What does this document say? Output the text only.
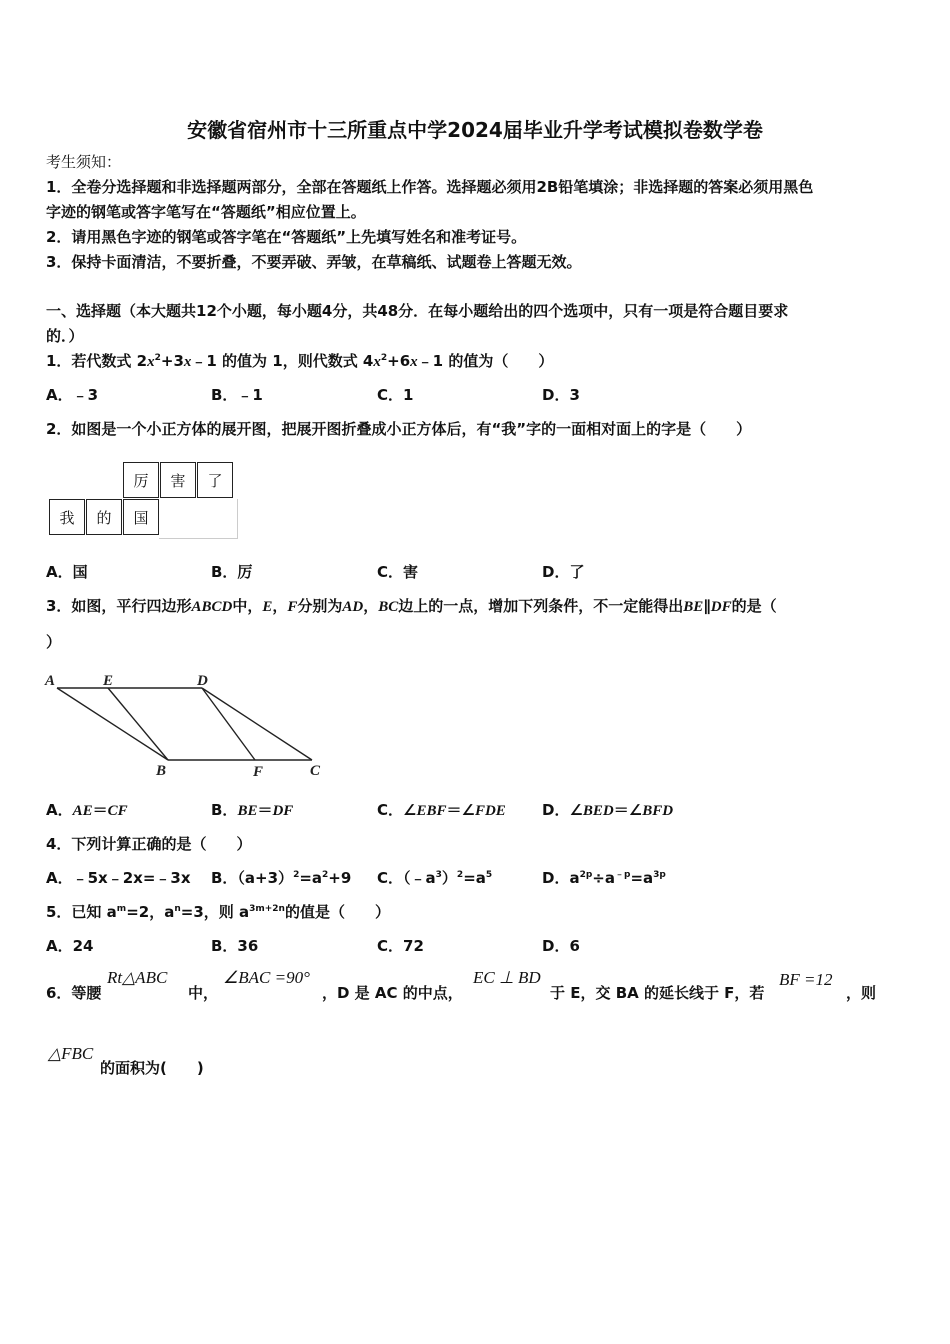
安徽省宿州市十三所重点中学2024届毕业升学考试模拟卷数学卷
考生须知：
1．全卷分选择题和非选择题两部分，全部在答题纸上作答。选择题必须用2B铅笔填涂；非选择题的答案必须用黑色
字迹的钢笔或答字笔写在“答题纸”相应位置上。
2．请用黑色字迹的钢笔或答字笔在“答题纸”上先填写姓名和准考证号。
3．保持卡面清洁，不要折叠，不要弄破、弄皱，在草稿纸、试题卷上答题无效。
一、选择题（本大题共12个小题，每小题4分，共48分．在每小题给出的四个选项中，只有一项是符合题目要求
的．）
1．若代数式 $2x^2+3x﹣1$ 的值为 1，则代数式 $4x^2+6x﹣1$ 的值为（　　）
A．﹣3	B．﹣1	C．1	D．3
2．如图是一个小正方体的展开图，把展开图折叠成小正方体后，有“我”字的一面相对面上的字是（　　）
厉	害	了
我	的	国
A．国	B．厉	C．害	D．了
3．如图，平行四边形ABCD中，E，F分别为AD，BC边上的一点，增加下列条件，不一定能得出BE∥DF的是（
）
A	E	D
B	F	C
A．AE＝CF	B．BE＝DF	C．∠EBF＝∠FDE D．∠BED＝∠BFD
4．下列计算正确的是（　　）
A．﹣5x﹣2x=﹣3x B．$(a+3)^2=a^2+9$ C．$(﹣a^3)^2=a^5$	D．$a^{2p}\div a^{﹣p}=a^{3p}$
5．已知 $a^m=2$，$a^n=3$，则 $a^{3m+2n}$的值是（　　）
A．24	B．36	C．72	D．6
6．等腰
Rt△ABC
中，
∠BAC =90°
，D 是 AC 的中点，
EC ⊥ BD
于 E，交 BA 的延长线于 F，若
BF =12
，则
△FBC
的面积为(　　)
